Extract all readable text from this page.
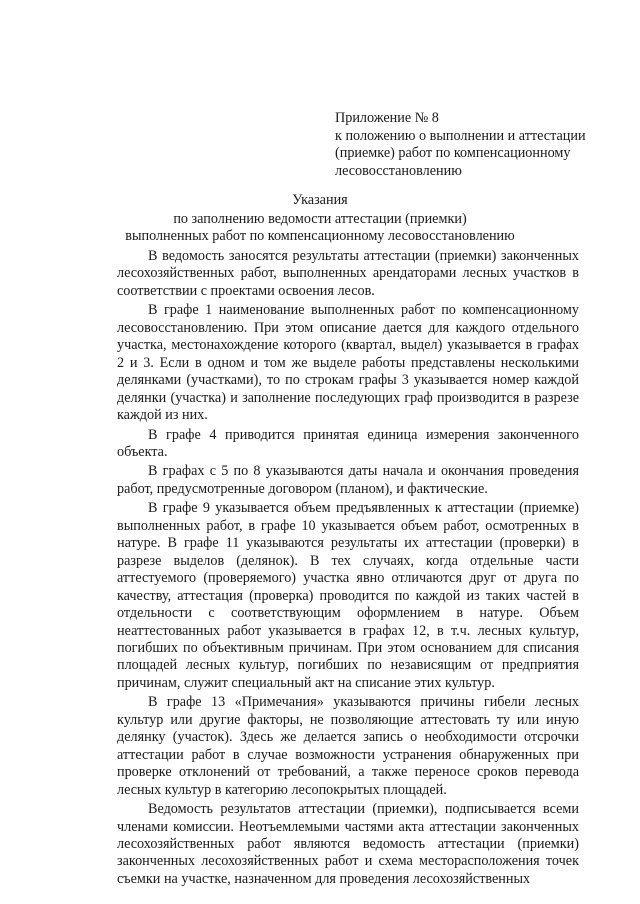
Приложение № 8
к положению о выполнении и аттестации
(приемке) работ по компенсационному
лесовосстановлению
Указания
по заполнению ведомости аттестации (приемки)
выполненных работ по компенсационному лесовосстановлению

В ведомость заносятся результаты аттестации (приемки) законченных лесохозяйственных работ, выполненных арендаторами лесных участков в соответствии с проектами освоения лесов.

В графе 1 наименование выполненных работ по компенсационному лесовосстановлению. При этом описание дается для каждого отдельного участка, местонахождение которого (квартал, выдел) указывается в графах 2 и 3. Если в одном и том же выделе работы представлены несколькими делянками (участками), то по строкам графы 3 указывается номер каждой делянки (участка) и заполнение последующих граф производится в разрезе каждой из них.

В графе 4 приводится принятая единица измерения законченного объекта.

В графах с 5 по 8 указываются даты начала и окончания проведения работ, предусмотренные договором (планом), и фактические.

В графе 9 указывается объем предъявленных к аттестации (приемке) выполненных работ, в графе 10 указывается объем работ, осмотренных в натуре. В графе 11 указываются результаты их аттестации (проверки) в разрезе выделов (делянок). В тех случаях, когда отдельные части аттестуемого (проверяемого) участка явно отличаются друг от друга по качеству, аттестация (проверка) проводится по каждой из таких частей в отдельности с соответствующим оформлением в натуре. Объем неаттестованных работ указывается в графах 12, в т.ч. лесных культур, погибших по объективным причинам. При этом основанием для списания площадей лесных культур, погибших по независящим от предприятия причинам, служит специальный акт на списание этих культур.

В графе 13 «Примечания» указываются причины гибели лесных культур или другие факторы, не позволяющие аттестовать ту или иную делянку (участок). Здесь же делается запись о необходимости отсрочки аттестации работ в случае возможности устранения обнаруженных при проверке отклонений от требований, а также переносе сроков перевода лесных культур в категорию лесопокрытых площадей.

Ведомость результатов аттестации (приемки), подписывается всеми членами комиссии. Неотъемлемыми частями акта аттестации законченных лесохозяйственных работ являются ведомость аттестации (приемки) законченных лесохозяйственных работ и схема месторасположения точек съемки на участке, назначенном для проведения лесохозяйственных
